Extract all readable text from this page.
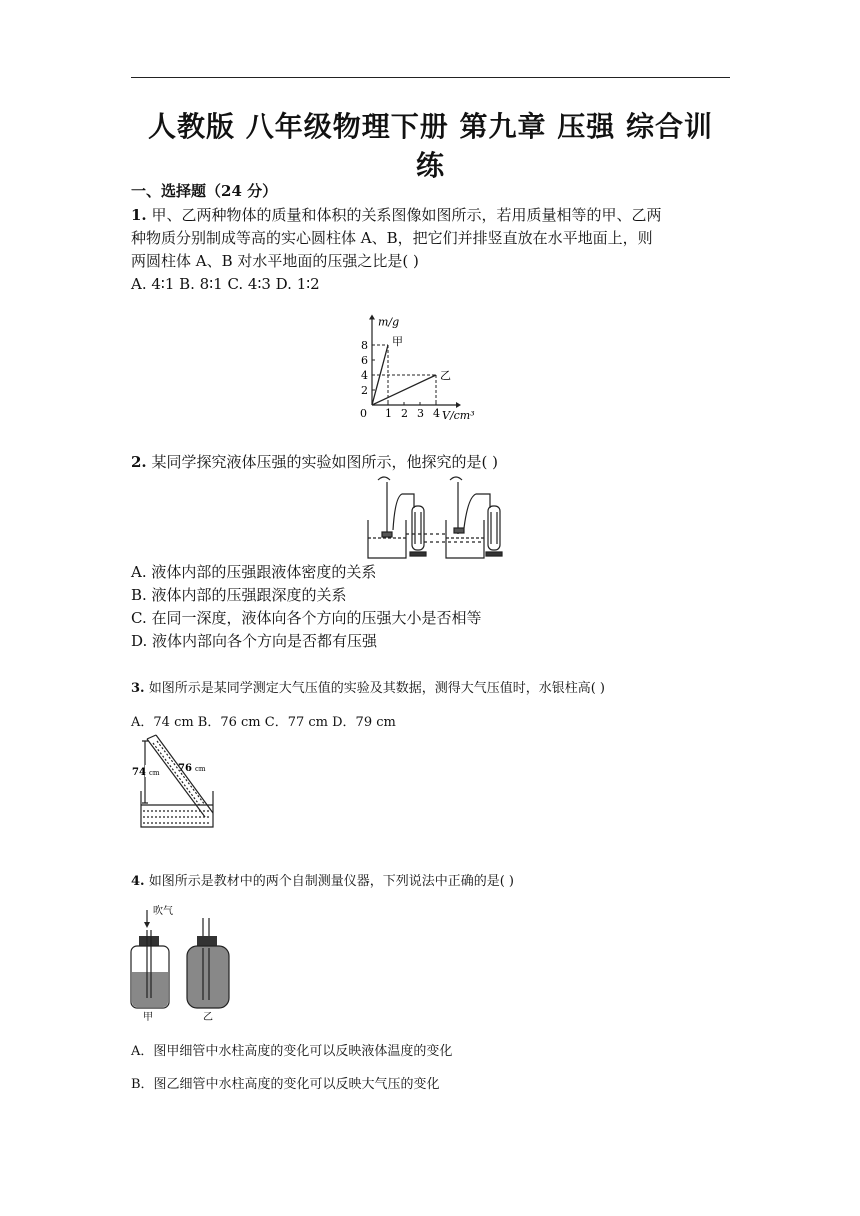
人教版 八年级物理下册 第九章 压强 综合训
练
一、选择题（24 分）
1. 甲、乙两种物体的质量和体积的关系图像如图所示，若用质量相等的甲、乙两
种物质分别制成等高的实心圆柱体 A、B，把它们并排竖直放在水平地面上，则
两圆柱体 A、B 对水平地面的压强之比是( )
A. 4∶1 B. 8∶1 C. 4∶3 D. 1∶2
0 1 2 3 4
2
4
6
8
m/g
V/cm³
甲
乙
2. 某同学探究液体压强的实验如图所示，他探究的是( )
A. 液体内部的压强跟液体密度的关系
B. 液体内部的压强跟深度的关系
C. 在同一深度，液体向各个方向的压强大小是否相等
D. 液体内部向各个方向是否都有压强
3. 如图所示是某同学测定大气压值的实验及其数据，测得大气压值时，水银柱高( )
A．74 cm B．76 cm C．77 cm D．79 cm
74 cm 76 cm
4. 如图所示是教材中的两个自制测量仪器，下列说法中正确的是( )
吹气
甲	乙
A．图甲细管中水柱高度的变化可以反映液体温度的变化
B．图乙细管中水柱高度的变化可以反映大气压的变化
